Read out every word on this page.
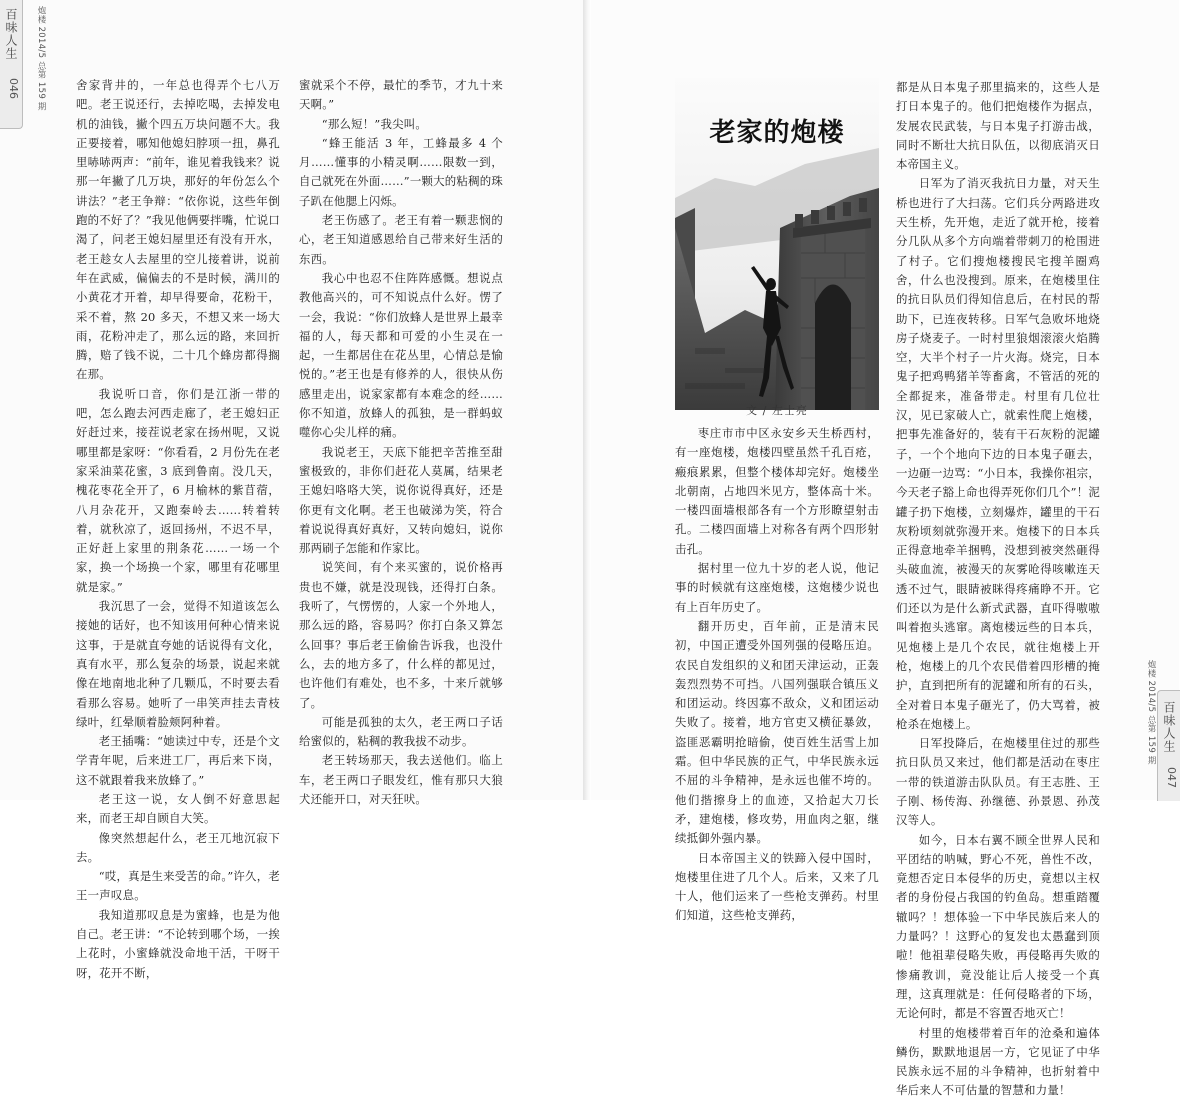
百味人生
046	炮楼 2014/5 总第 159 期	舍家背井的，一年总也得弄个七八万吧。老王说还行，去掉吃喝，去掉发电机的油钱，撇个四五万块问题不大。我正要接着，哪知他媳妇脖项一扭，鼻孔里哧哧两声：“前年，谁见着我钱来？说那一年撇了几万块，那好的年份怎么个讲法？”老王争辩：“依你说，这些年倒跑的不好了？”我见他俩要拌嘴，忙说口渴了，问老王媳妇屋里还有没有开水，老王趁女人去屋里的空儿接着讲，说前年在武威，偏偏去的不是时候，满川的小黄花才开着，却早得要命，花粉干，采不着，熬 20 多天，不想又来一场大雨，花粉冲走了，那么远的路，来回折腾，赔了钱不说，二十几个蜂房都得搁在那。

我说听口音，你们是江浙一带的吧，怎么跑去河西走廊了，老王媳妇正好赶过来，接茬说老家在扬州呢，又说哪里都是家呀：“你看看，2 月份先在老家采油菜花蜜，3 底到鲁南。没几天，槐花枣花全开了，6 月榆林的紫苜蓿，八月杂花开，又跑秦岭去……转着转着，就秋凉了，返回扬州，不迟不早，正好赶上家里的荆条花……一场一个家，换一个场换一个家，哪里有花哪里就是家。”

我沉思了一会，觉得不知道该怎么接她的话好，也不知该用何种心情来说这事，于是就直夸她的话说得有文化，真有水平，那么复杂的场景，说起来就像在地南地北种了几颗瓜，不时要去看看那么容易。她听了一串笑声挂去青枝绿叶，红晕顺着脸颊阿种着。

老王插嘴：“她读过中专，还是个文学青年呢，后来进工厂，再后来下岗，这不就跟着我来放蜂了。”

老王这一说，女人倒不好意思起来，而老王却自顾自大笑。

像突然想起什么，老王兀地沉寂下去。

“哎，真是生来受苦的命。”许久，老王一声叹息。

我知道那叹息是为蜜蜂，也是为他自己。老王讲：“不论转到哪个场，一挨上花时，小蜜蜂就没命地干活，干呀干呀，花开不断，

蜜就采个不停，最忙的季节，才九十来天啊。”

“那么短！”我尖叫。

“蜂王能活 3 年，工蜂最多 4 个月……懂事的小精灵啊……限数一到，自己就死在外面……”一颗大的粘稠的珠子趴在他腮上闪烁。

老王伤感了。老王有着一颗悲悯的心，老王知道感恩给自己带来好生活的东西。

我心中也忍不住阵阵感慨。想说点教他高兴的，可不知说点什么好。愣了一会，我说：“你们放蜂人是世界上最幸福的人，每天都和可爱的小生灵在一起，一生都居住在花丛里，心情总是愉悦的。”老王也是有修养的人，很快从伤感里走出，说家家都有本难念的经……你不知道，放蜂人的孤独，是一群蚂蚁噬你心尖儿样的痛。

我说老王，天底下能把辛苦推至甜蜜极致的，非你们赶花人莫属，结果老王媳妇咯咯大笑，说你说得真好，还是你更有文化啊。老王也破涕为笑，符合着说说得真好真好，又转向媳妇，说你那两刷子怎能和作家比。

说笑间，有个来买蜜的，说价格再贵也不嫌，就是没现钱，还得打白条。我听了，气愣愣的，人家一个外地人，那么远的路，容易吗？你打白条又算怎么回事？事后老王偷偷告诉我，也没什么，去的地方多了，什么样的都见过，也许他们有难处，也不多，十来斤就够了。

可能是孤独的太久，老王两口子话给蜜似的，粘稠的教我拔不动步。

老王转场那天，我去送他们。临上车，老王两口子眼发红，惟有那只大狼犬还能开口，对天狂吠。

老家的炮楼
文 / 左士亮

枣庄市市中区永安乡天生桥西村，有一座炮楼，炮楼四壁虽然千孔百疮，瘢痕累累，但整个楼体却完好。炮楼坐北朝南，占地四米见方，整体高十米。一楼四面墙根部各有一个方形瞭望射击孔。二楼四面墙上对称各有两个四形射击孔。

据村里一位九十岁的老人说，他记事的时候就有这座炮楼，这炮楼少说也有上百年历史了。

翻开历史，百年前，正是清末民初，中国正遭受外国列强的侵略压迫。农民自发组织的义和团天津运动，正轰轰烈烈势不可挡。八国列强联合镇压义和团运动。终因寡不敌众，义和团运动失败了。接着，地方官吏又横征暴敛，盗匪恶霸明抢暗偷，使百姓生活雪上加霜。但中华民族的正气，中华民族永远不屈的斗争精神，是永远也催不垮的。他们揩擦身上的血迹，又拾起大刀长矛，建炮楼，修攻势，用血肉之躯，继续抵御外强内暴。

日本帝国主义的铁蹄入侵中国时，炮楼里住进了几个人。后来，又来了几十人，他们运来了一些枪支弹药。村里们知道，这些枪支弹药，

都是从日本鬼子那里搞来的，这些人是打日本鬼子的。他们把炮楼作为据点，发展农民武装，与日本鬼子打游击战，同时不断壮大抗日队伍，以彻底消灭日本帝国主义。

日军为了消灭我抗日力量，对天生桥也进行了大扫荡。它们兵分两路进攻天生桥，先开炮，走近了就开枪，接着分几队从多个方向端着带刺刀的枪围进了村子。它们搜炮楼搜民宅搜羊圈鸡舍，什么也没搜到。原来，在炮楼里住的抗日队员们得知信息后，在村民的帮助下，已连夜转移。日军气急败坏地烧房子烧麦子。一时村里狼烟滚滚火焰腾空，大半个村子一片火海。烧完，日本鬼子把鸡鸭猪羊等畜禽，不管活的死的全都捉来，准备带走。村里有几位壮汉，见已家破人亡，就索性爬上炮楼，把事先准备好的，装有干石灰粉的泥罐子，一个个地向下边的日本鬼子砸去，一边砸一边骂：“小日本，我操你祖宗，今天老子豁上命也得弄死你们几个”！泥罐子扔下炮楼，立刻爆炸，罐里的干石灰粉顷刻就弥漫开来。炮楼下的日本兵正得意地牵羊捆鸭，没想到被突然砸得头破血流，被漫天的灰雾呛得咳嗽连天透不过气，眼睛被眯得疼痛睁不开。它们还以为是什么新式武器，直吓得嗷嗷叫着抱头逃窜。离炮楼远些的日本兵，见炮楼上是几个农民，就往炮楼上开枪，炮楼上的几个农民借着四形槽的掩护，直到把所有的泥罐和所有的石头，全对着日本鬼子砸光了，仍大骂着，被枪杀在炮楼上。

日军投降后，在炮楼里住过的那些抗日队员又来过，他们都是活动在枣庄一带的铁道游击队队员。有王志胜、王子刚、杨传海、孙继德、孙景恩、孙茂汉等人。

如今，日本右翼不顾全世界人民和平团结的呐喊，野心不死，兽性不改，竟想否定日本侵华的历史，竟想以主权者的身份侵占我国的钓鱼岛。想重踏覆辙吗？！想体验一下中华民族后来人的力量吗？！这野心的复发也太愚蠢到顶啦！他祖辈侵略失败，再侵略再失败的惨痛教训，竟没能让后人接受一个真理，这真理就是：任何侵略者的下场，无论何时，都是不容置否地灭亡！

村里的炮楼带着百年的沧桑和遍体鳞伤，默默地退居一方，它见证了中华民族永远不屈的斗争精神，也折射着中华后来人不可估量的智慧和力量！

炮楼 2014/5 总第 159 期 百味人生
047
